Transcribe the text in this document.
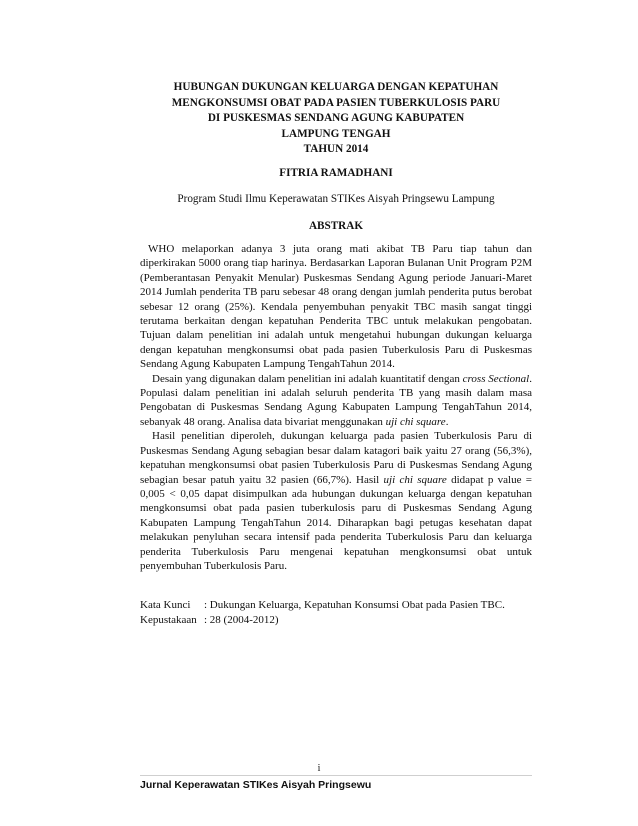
HUBUNGAN DUKUNGAN KELUARGA DENGAN KEPATUHAN
MENGKONSUMSI OBAT PADA PASIEN TUBERKULOSIS PARU
DI PUSKESMAS SENDANG AGUNG KABUPATEN
LAMPUNG TENGAH
TAHUN 2014
FITRIA RAMADHANI
Program Studi Ilmu Keperawatan STIKes Aisyah Pringsewu Lampung
ABSTRAK

WHO melaporkan adanya 3 juta orang mati akibat TB Paru tiap tahun dan diperkirakan 5000 orang tiap harinya. Berdasarkan Laporan Bulanan Unit Program P2M (Pemberantasan Penyakit Menular) Puskesmas Sendang Agung periode Januari-Maret 2014 Jumlah penderita TB paru sebesar 48 orang dengan jumlah penderita putus berobat sebesar 12 orang (25%). Kendala penyembuhan penyakit TBC masih sangat tinggi terutama berkaitan dengan kepatuhan Penderita TBC untuk melakukan pengobatan. Tujuan dalam penelitian ini adalah untuk mengetahui hubungan dukungan keluarga dengan kepatuhan mengkonsumsi obat pada pasien Tuberkulosis Paru di Puskesmas Sendang Agung Kabupaten Lampung TengahTahun 2014.

Desain yang digunakan dalam penelitian ini adalah kuantitatif dengan cross Sectional. Populasi dalam penelitian ini adalah seluruh penderita TB yang masih dalam masa Pengobatan di Puskesmas Sendang Agung Kabupaten Lampung TengahTahun 2014, sebanyak 48 orang. Analisa data bivariat menggunakan uji chi square.

Hasil penelitian diperoleh, dukungan keluarga pada pasien Tuberkulosis Paru di Puskesmas Sendang Agung sebagian besar dalam katagori baik yaitu 27 orang (56,3%), kepatuhan mengkonsumsi obat pasien Tuberkulosis Paru di Puskesmas Sendang Agung sebagian besar patuh yaitu 32 pasien (66,7%). Hasil uji chi square didapat p value = 0,005 < 0,05 dapat disimpulkan ada hubungan dukungan keluarga dengan kepatuhan mengkonsumsi obat pada pasien tuberkulosis paru di Puskesmas Sendang Agung Kabupaten Lampung TengahTahun 2014. Diharapkan bagi petugas kesehatan dapat melakukan penyluhan secara intensif pada penderita Tuberkulosis Paru dan keluarga penderita Tuberkulosis Paru mengenai kepatuhan mengkonsumsi obat untuk penyembuhan Tuberkulosis Paru.

Kata Kunci	: Dukungan Keluarga, Kepatuhan Konsumsi Obat pada Pasien TBC.
Kepustakaan : 28 (2004-2012)
i
Jurnal Keperawatan STIKes Aisyah Pringsewu
